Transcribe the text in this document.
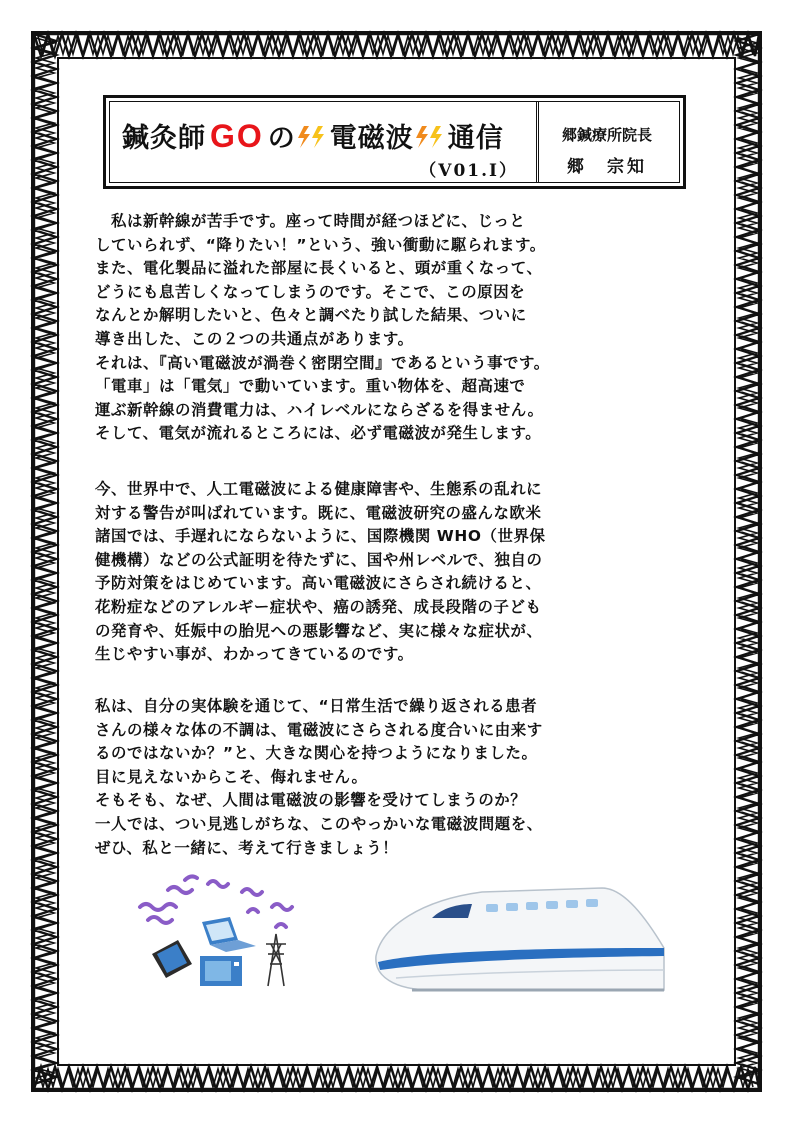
鍼灸師 GO の 電磁波 通信
（V01.Ⅰ）
郷鍼療所院長
郷　宗知
　私は新幹線が苦手です。座って時間が経つほどに、じっと
していられず、“降りたい！”という、強い衝動に駆られます。
また、電化製品に溢れた部屋に長くいると、頭が重くなって、
どうにも息苦しくなってしまうのです。そこで、この原因を
なんとか解明したいと、色々と調べたり試した結果、ついに
導き出した、この２つの共通点があります。
それは、『高い電磁波が渦巻く密閉空間』であるという事です。
「電車」は「電気」で動いています。重い物体を、超高速で
運ぶ新幹線の消費電力は、ハイレベルにならざるを得ません。
そして、電気が流れるところには、必ず電磁波が発生します。
今、世界中で、人工電磁波による健康障害や、生態系の乱れに
対する警告が叫ばれています。既に、電磁波研究の盛んな欧米
諸国では、手遅れにならないように、国際機関 WHO（世界保
健機構）などの公式証明を待たずに、国や州レベルで、独自の
予防対策をはじめています。高い電磁波にさらされ続けると、
花粉症などのアレルギー症状や、癌の誘発、成長段階の子ども
の発育や、妊娠中の胎児への悪影響など、実に様々な症状が、
生じやすい事が、わかってきているのです。
私は、自分の実体験を通じて、“日常生活で繰り返される患者
さんの様々な体の不調は、電磁波にさらされる度合いに由来す
るのではないか？”と、大きな関心を持つようになりました。
目に見えないからこそ、侮れません。
そもそも、なぜ、人間は電磁波の影響を受けてしまうのか？
一人では、つい見逃しがちな、このやっかいな電磁波問題を、
ぜひ、私と一緒に、考えて行きましょう！
